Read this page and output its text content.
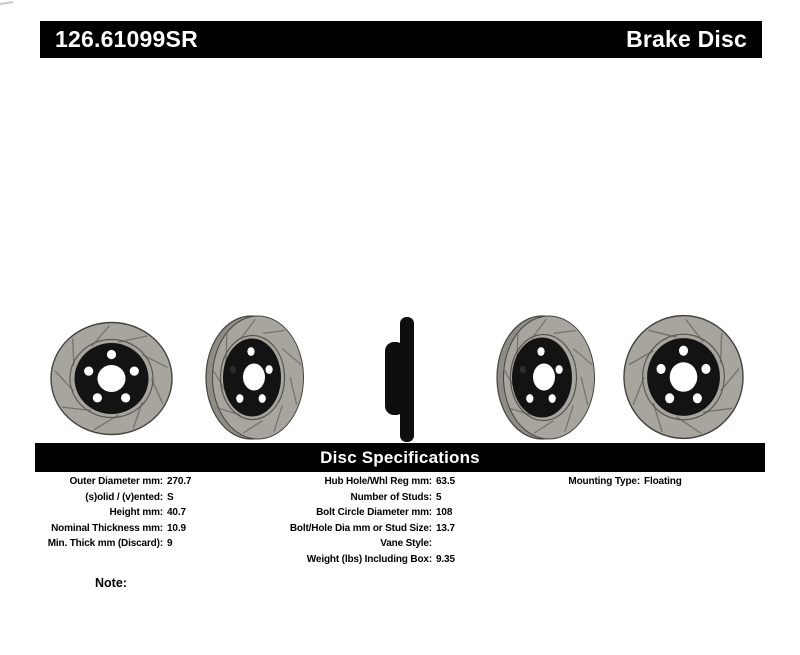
126.61099SR	Brake Disc
Disc Specifications
Outer Diameter mm: 270.7
(s)olid / (v)ented: S
Height mm: 40.7
Nominal Thickness mm: 10.9
Min. Thick mm (Discard): 9
Hub Hole/Whl Reg mm: 63.5
Number of Studs: 5
Bolt Circle Diameter mm: 108
Bolt/Hole Dia mm or Stud Size: 13.7
Vane Style:
Weight (lbs) Including Box: 9.35
Mounting Type: Floating
Note:
